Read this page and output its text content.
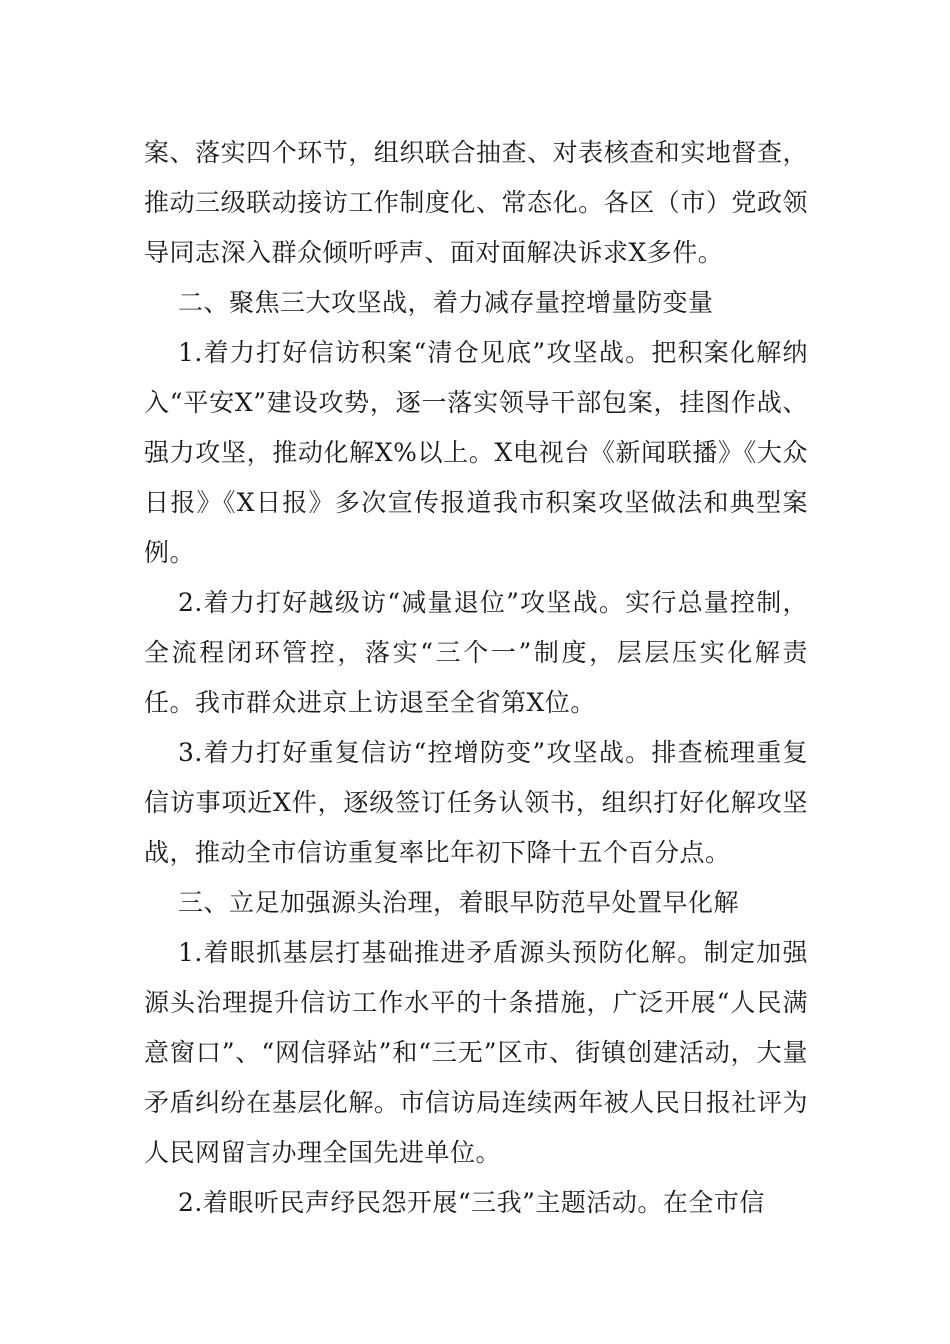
案、落实四个环节，组织联合抽查、对表核查和实地督查，推动三级联动接访工作制度化、常态化。各区（市）党政领导同志深入群众倾听呼声、面对面解决诉求X多件。

二、聚焦三大攻坚战，着力减存量控增量防变量

1.着力打好信访积案“清仓见底”攻坚战。把积案化解纳入“平安X”建设攻势，逐一落实领导干部包案，挂图作战、强力攻坚，推动化解X%以上。X电视台《新闻联播》《大众日报》《X日报》多次宣传报道我市积案攻坚做法和典型案例。

2.着力打好越级访“减量退位”攻坚战。实行总量控制，全流程闭环管控，落实“三个一”制度，层层压实化解责任。我市群众进京上访退至全省第X位。

3.着力打好重复信访“控增防变”攻坚战。排查梳理重复信访事项近X件，逐级签订任务认领书，组织打好化解攻坚战，推动全市信访重复率比年初下降十五个百分点。

三、立足加强源头治理，着眼早防范早处置早化解

1.着眼抓基层打基础推进矛盾源头预防化解。制定加强源头治理提升信访工作水平的十条措施，广泛开展“人民满意窗口”、“网信驿站”和“三无”区市、街镇创建活动，大量矛盾纠纷在基层化解。市信访局连续两年被人民日报社评为人民网留言办理全国先进单位。

2.着眼听民声纾民怨开展“三我”主题活动。在全市信
